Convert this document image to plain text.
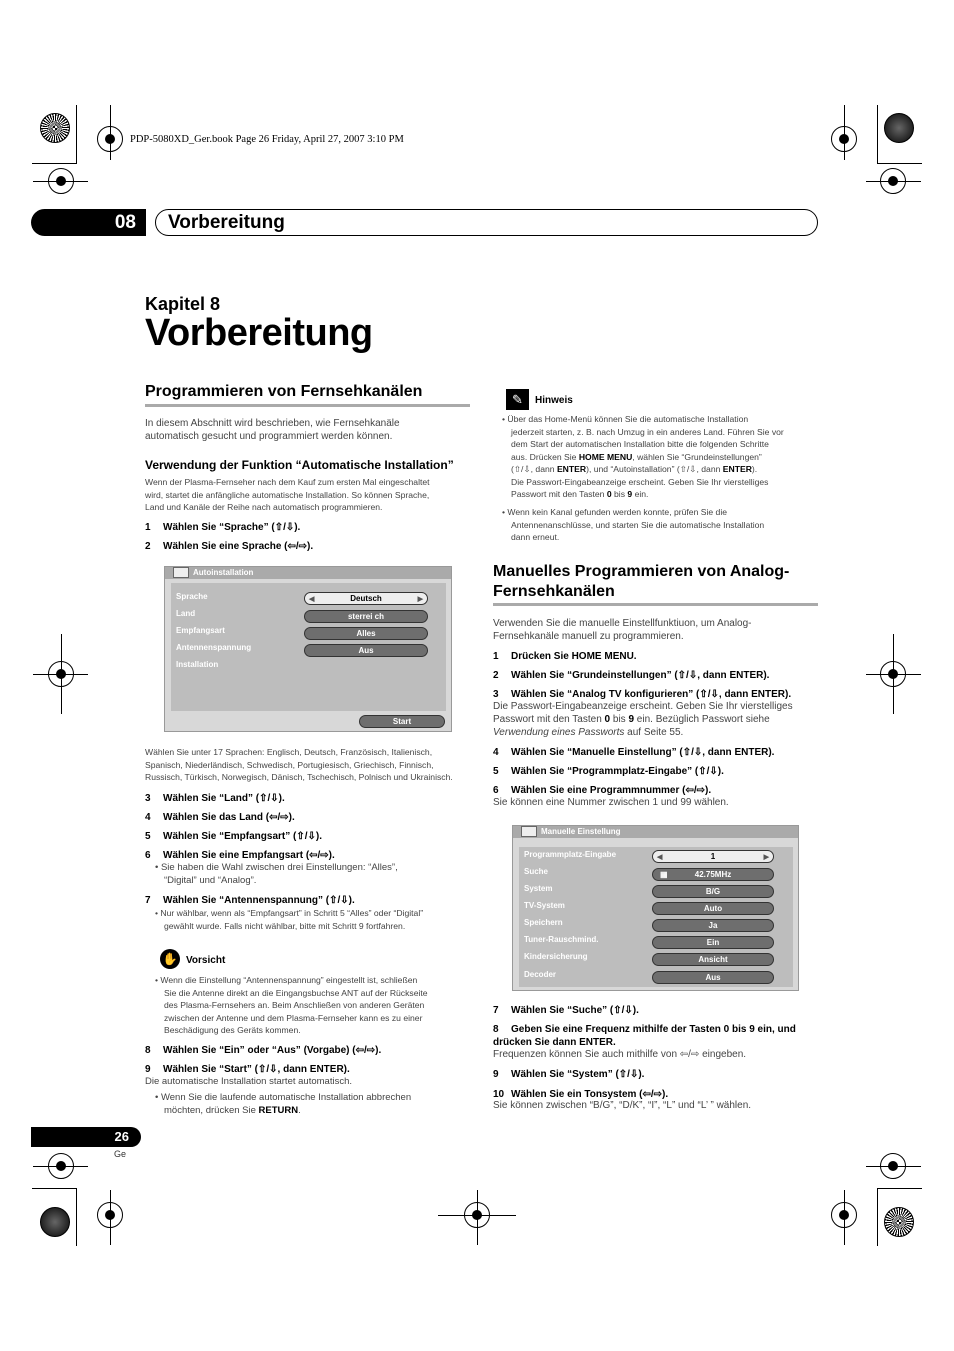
PDP-5080XD_Ger.book Page 26 Friday, April 27, 2007 3:10 PM
08	Vorbereitung
Kapitel 8
Vorbereitung
Programmieren von Fernsehkanälen
In diesem Abschnitt wird beschrieben, wie Fernsehkanäle
automatisch gesucht und programmiert werden können.
Verwendung der Funktion “Automatische Installation”
Wenn der Plasma-Fernseher nach dem Kauf zum ersten Mal eingeschaltet
wird, startet die anfängliche automatische Installation. So können Sprache,
Land und Kanäle der Reihe nach automatisch programmieren.
1 Wählen Sie “Sprache” (⇧/⇩).
2 Wählen Sie eine Sprache (⇦/⇨).
Autoinstallation
Sprache	◀	Deutsch	▶
Land	sterrei ch
Empfangsart	Alles
Antennenspannung	Aus
Installation
Start
Wählen Sie unter 17 Sprachen: Englisch, Deutsch, Französisch, Italienisch,
Spanisch, Niederländisch, Schwedisch, Portugiesisch, Griechisch, Finnisch,
Russisch, Türkisch, Norwegisch, Dänisch, Tschechisch, Polnisch und Ukrainisch.
3 Wählen Sie “Land” (⇧/⇩).
4 Wählen Sie das Land (⇦/⇨).
5 Wählen Sie “Empfangsart” (⇧/⇩).
6 Wählen Sie eine Empfangsart (⇦/⇨).
• Sie haben die Wahl zwischen drei Einstellungen: “Alles”,
“Digital” und “Analog”.
7 Wählen Sie “Antennenspannung” (⇧/⇩).
• Nur wählbar, wenn als “Empfangsart” in Schritt 5 “Alles” oder “Digital”
gewählt wurde. Falls nicht wählbar, bitte mit Schritt 9 fortfahren.
✋ Vorsicht
• Wenn die Einstellung “Antennenspannung” eingestellt ist, schließen
Sie die Antenne direkt an die Eingangsbuchse ANT auf der Rückseite
des Plasma-Fernsehers an. Beim Anschließen von anderen Geräten
zwischen der Antenne und dem Plasma-Fernseher kann es zu einer
Beschädigung des Geräts kommen.
8 Wählen Sie “Ein” oder “Aus” (Vorgabe) (⇦/⇨).
9 Wählen Sie “Start” (⇧/⇩, dann ENTER).
Die automatische Installation startet automatisch.
• Wenn Sie die laufende automatische Installation abbrechen
möchten, drücken Sie RETURN.
✎	Hinweis
• Über das Home-Menü können Sie die automatische Installation
jederzeit starten, z. B. nach Umzug in ein anderes Land. Führen Sie vor
dem Start der automatischen Installation bitte die folgenden Schritte
aus. Drücken Sie HOME MENU, wählen Sie “Grundeinstellungen”
(⇧/⇩, dann ENTER), und “Autoinstallation” (⇧/⇩, dann ENTER).
Die Passwort-Eingabeanzeige erscheint. Geben Sie Ihr vierstelliges
Passwort mit den Tasten 0 bis 9 ein.
• Wenn kein Kanal gefunden werden konnte, prüfen Sie die
Antennenanschlüsse, und starten Sie die automatische Installation
dann erneut.
Manuelles Programmieren von Analog-
Fernsehkanälen
Verwenden Sie die manuelle Einstellfunktiuon, um Analog-
Fernsehkanäle manuell zu programmieren.
1 Drücken Sie HOME MENU.
2 Wählen Sie “Grundeinstellungen” (⇧/⇩, dann ENTER).
3 Wählen Sie “Analog TV konfigurieren” (⇧/⇩, dann ENTER).
Die Passwort-Eingabeanzeige erscheint. Geben Sie Ihr vierstelliges
Passwort mit den Tasten 0 bis 9 ein. Bezüglich Passwort siehe
Verwendung eines Passworts auf Seite 55.
4 Wählen Sie “Manuelle Einstellung” (⇧/⇩, dann ENTER).
5 Wählen Sie “Programmplatz-Eingabe” (⇧/⇩).
6 Wählen Sie eine Programmnummer (⇦/⇨).
Sie können eine Nummer zwischen 1 und 99 wählen.
Manuelle Einstellung
Programmplatz-Eingabe	◀	1	▶
Suche	▦	42.75MHz
System	B/G
TV-System	Auto
Speichern	Ja
Tuner-Rauschmind.	Ein
Kindersicherung	Ansicht
Decoder	Aus
7 Wählen Sie “Suche” (⇧/⇩).
8 Geben Sie eine Frequenz mithilfe der Tasten 0 bis 9 ein, und
drücken Sie dann ENTER.
Frequenzen können Sie auch mithilfe von ⇦/⇨ eingeben.
9 Wählen Sie “System” (⇧/⇩).
10 Wählen Sie ein Tonsystem (⇦/⇨).
Sie können zwischen “B/G”, “D/K”, “I”, “L” und “L’ ” wählen.
26
Ge
